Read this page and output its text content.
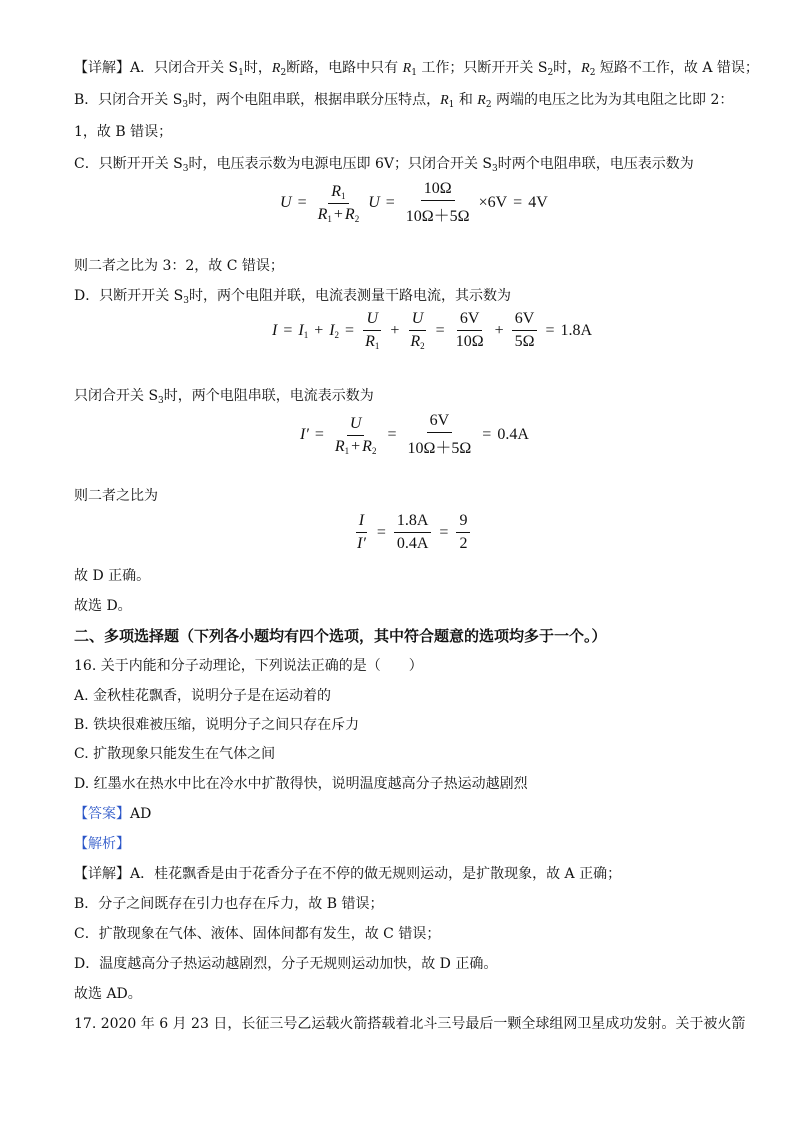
【详解】A．只闭合开关 $S_1$时，$R_2$断路，电路中只有 $R_1$ 工作；只断开开关 $S_2$时，$R_2$ 短路不工作，故 A 错误；
B．只闭合开关 $S_3$时，两个电阻串联，根据串联分压特点，$R_1$ 和 $R_2$ 两端的电压之比为为其电阻之比即 2：
1，故 B 错误；
C．只断开开关 $S_3$时，电压表示数为电源电压即 6V；只闭合开关 $S_3$时两个电阻串联，电压表示数为
$U = \frac{R_1}{R_1 + R_2}$ $U = \frac{10\Omega}{10\Omega+5\Omega} \times 6V = 4V$
则二者之比为 3：2，故 C 错误；
D．只断开开关 $S_3$时，两个电阻并联，电流表测量干路电流，其示数为
$I = I_1 + I_2 = \frac{U}{R_1} + \frac{U}{R_2} = \frac{6V}{10\Omega} + \frac{6V}{5\Omega} = 1.8A$
只闭合开关 $S_3$时，两个电阻串联，电流表示数为
$I' = \frac{U}{R_1 + R_2} = \frac{6V}{10\Omega+5\Omega} = 0.4A$
则二者之比为
$\frac{I}{I'} = \frac{1.8A}{0.4A} = \frac{9}{2}$
故 D 正确。
故选 D。
二、多项选择题（下列各小题均有四个选项，其中符合题意的选项均多于一个。）
16. 关于内能和分子动理论，下列说法正确的是（　　）
A. 金秋桂花飘香，说明分子是在运动着的
B. 铁块很难被压缩，说明分子之间只存在斥力
C. 扩散现象只能发生在气体之间
D. 红墨水在热水中比在冷水中扩散得快，说明温度越高分子热运动越剧烈
【答案】AD
【解析】
【详解】A．桂花飘香是由于花香分子在不停的做无规则运动，是扩散现象，故 A 正确；
B．分子之间既存在引力也存在斥力，故 B 错误；
C．扩散现象在气体、液体、固体间都有发生，故 C 错误；
D．温度越高分子热运动越剧烈，分子无规则运动加快，故 D 正确。
故选 AD。
17. 2020 年 6 月 23 日，长征三号乙运载火箭搭载着北斗三号最后一颗全球组网卫星成功发射。关于被火箭
